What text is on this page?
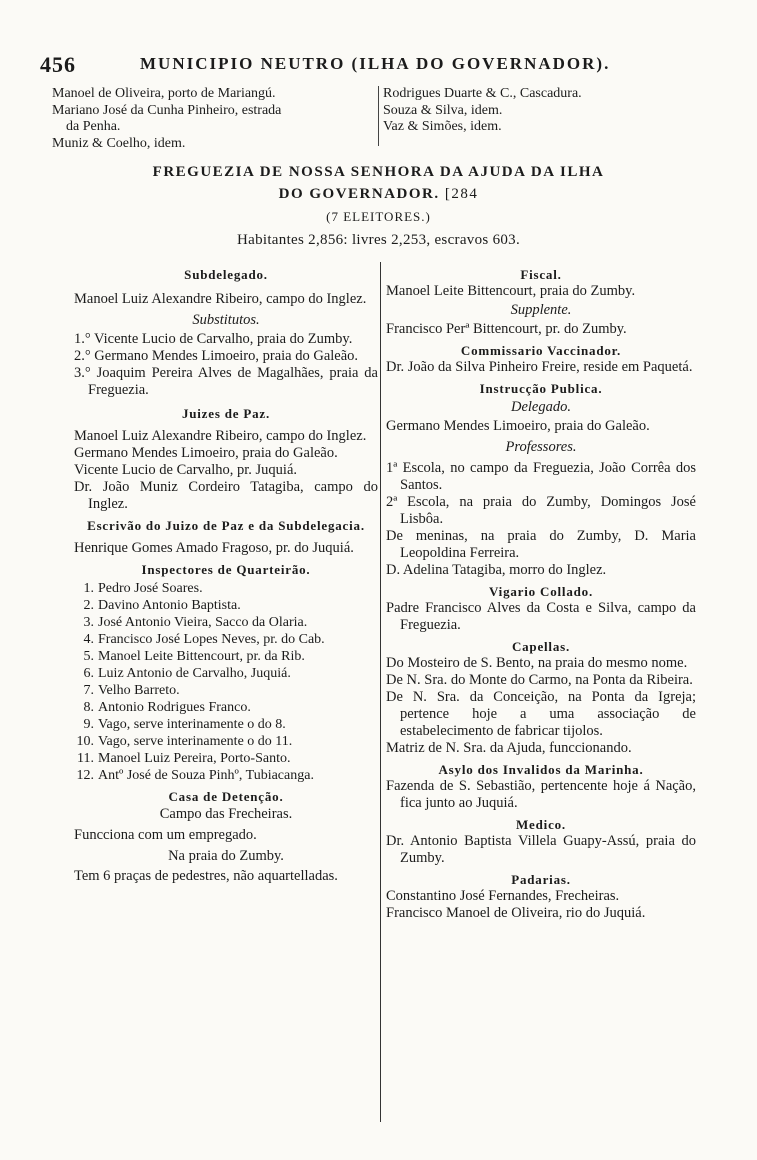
456	MUNICIPIO NEUTRO (ILHA DO GOVERNADOR).
Manoel de Oliveira, porto de Mariangú.
Mariano José da Cunha Pinheiro, estrada
da Penha.
Muniz & Coelho, idem.
Rodrigues Duarte & C., Cascadura.
Souza & Silva, idem.
Vaz & Simões, idem.
FREGUEZIA DE NOSSA SENHORA DA AJUDA DA ILHA
DO GOVERNADOR. [284
(7 ELEITORES.)
Habitantes 2,856: livres 2,253, escravos 603.
Subdelegado.

Manoel Luiz Alexandre Ribeiro, campo do Inglez.

Substitutos.

1.° Vicente Lucio de Carvalho, praia do Zumby.

2.° Germano Mendes Limoeiro, praia do Galeão.

3.° Joaquim Pereira Alves de Magalhães, praia da Freguezia.

Juizes de Paz.

Manoel Luiz Alexandre Ribeiro, campo do Inglez.

Germano Mendes Limoeiro, praia do Galeão.

Vicente Lucio de Carvalho, pr. Juquiá.

Dr. João Muniz Cordeiro Tatagiba, campo do Inglez.

Escrivão do Juizo de Paz e da Subdelegacia.

Henrique Gomes Amado Fragoso, pr. do Juquiá.

Inspectores de Quarteirão.
1. Pedro José Soares.
2. Davino Antonio Baptista.
3. José Antonio Vieira, Sacco da Olaria.
4. Francisco José Lopes Neves, pr. do Cab.
5. Manoel Leite Bittencourt, pr. da Rib.
6. Luiz Antonio de Carvalho, Juquiá.
7. Velho Barreto.
8. Antonio Rodrigues Franco.
9. Vago, serve interinamente o do 8.
10. Vago, serve interinamente o do 11.
11. Manoel Luiz Pereira, Porto-Santo.
12. Antº José de Souza Pinhº, Tubiacanga.
Casa de Detenção.
Campo das Frecheiras.
Funcciona com um empregado.
Na praia do Zumby.

Tem 6 praças de pedestres, não aquartelladas.

Fiscal.

Manoel Leite Bittencourt, praia do Zumby.

Supplente.

Francisco Perª Bittencourt, pr. do Zumby.

Commissario Vaccinador.

Dr. João da Silva Pinheiro Freire, reside em Paquetá.

Instrucção Publica.
Delegado.

Germano Mendes Limoeiro, praia do Galeão.

Professores.

1ª Escola, no campo da Freguezia, João Corrêa dos Santos.

2ª Escola, na praia do Zumby, Domingos José Lisbôa.

De meninas, na praia do Zumby, D. Maria Leopoldina Ferreira.

D. Adelina Tatagiba, morro do Inglez.

Vigario Collado.

Padre Francisco Alves da Costa e Silva, campo da Freguezia.

Capellas.

Do Mosteiro de S. Bento, na praia do mesmo nome.

De N. Sra. do Monte do Carmo, na Ponta da Ribeira.

De N. Sra. da Conceição, na Ponta da Igreja; pertence hoje a uma associação de estabelecimento de fabricar tijolos.

Matriz de N. Sra. da Ajuda, funccionando.

Asylo dos Invalidos da Marinha.

Fazenda de S. Sebastião, pertencente hoje á Nação, fica junto ao Juquiá.

Medico.

Dr. Antonio Baptista Villela Guapy-Assú, praia do Zumby.

Padarias.

Constantino José Fernandes, Frecheiras.

Francisco Manoel de Oliveira, rio do Juquiá.
